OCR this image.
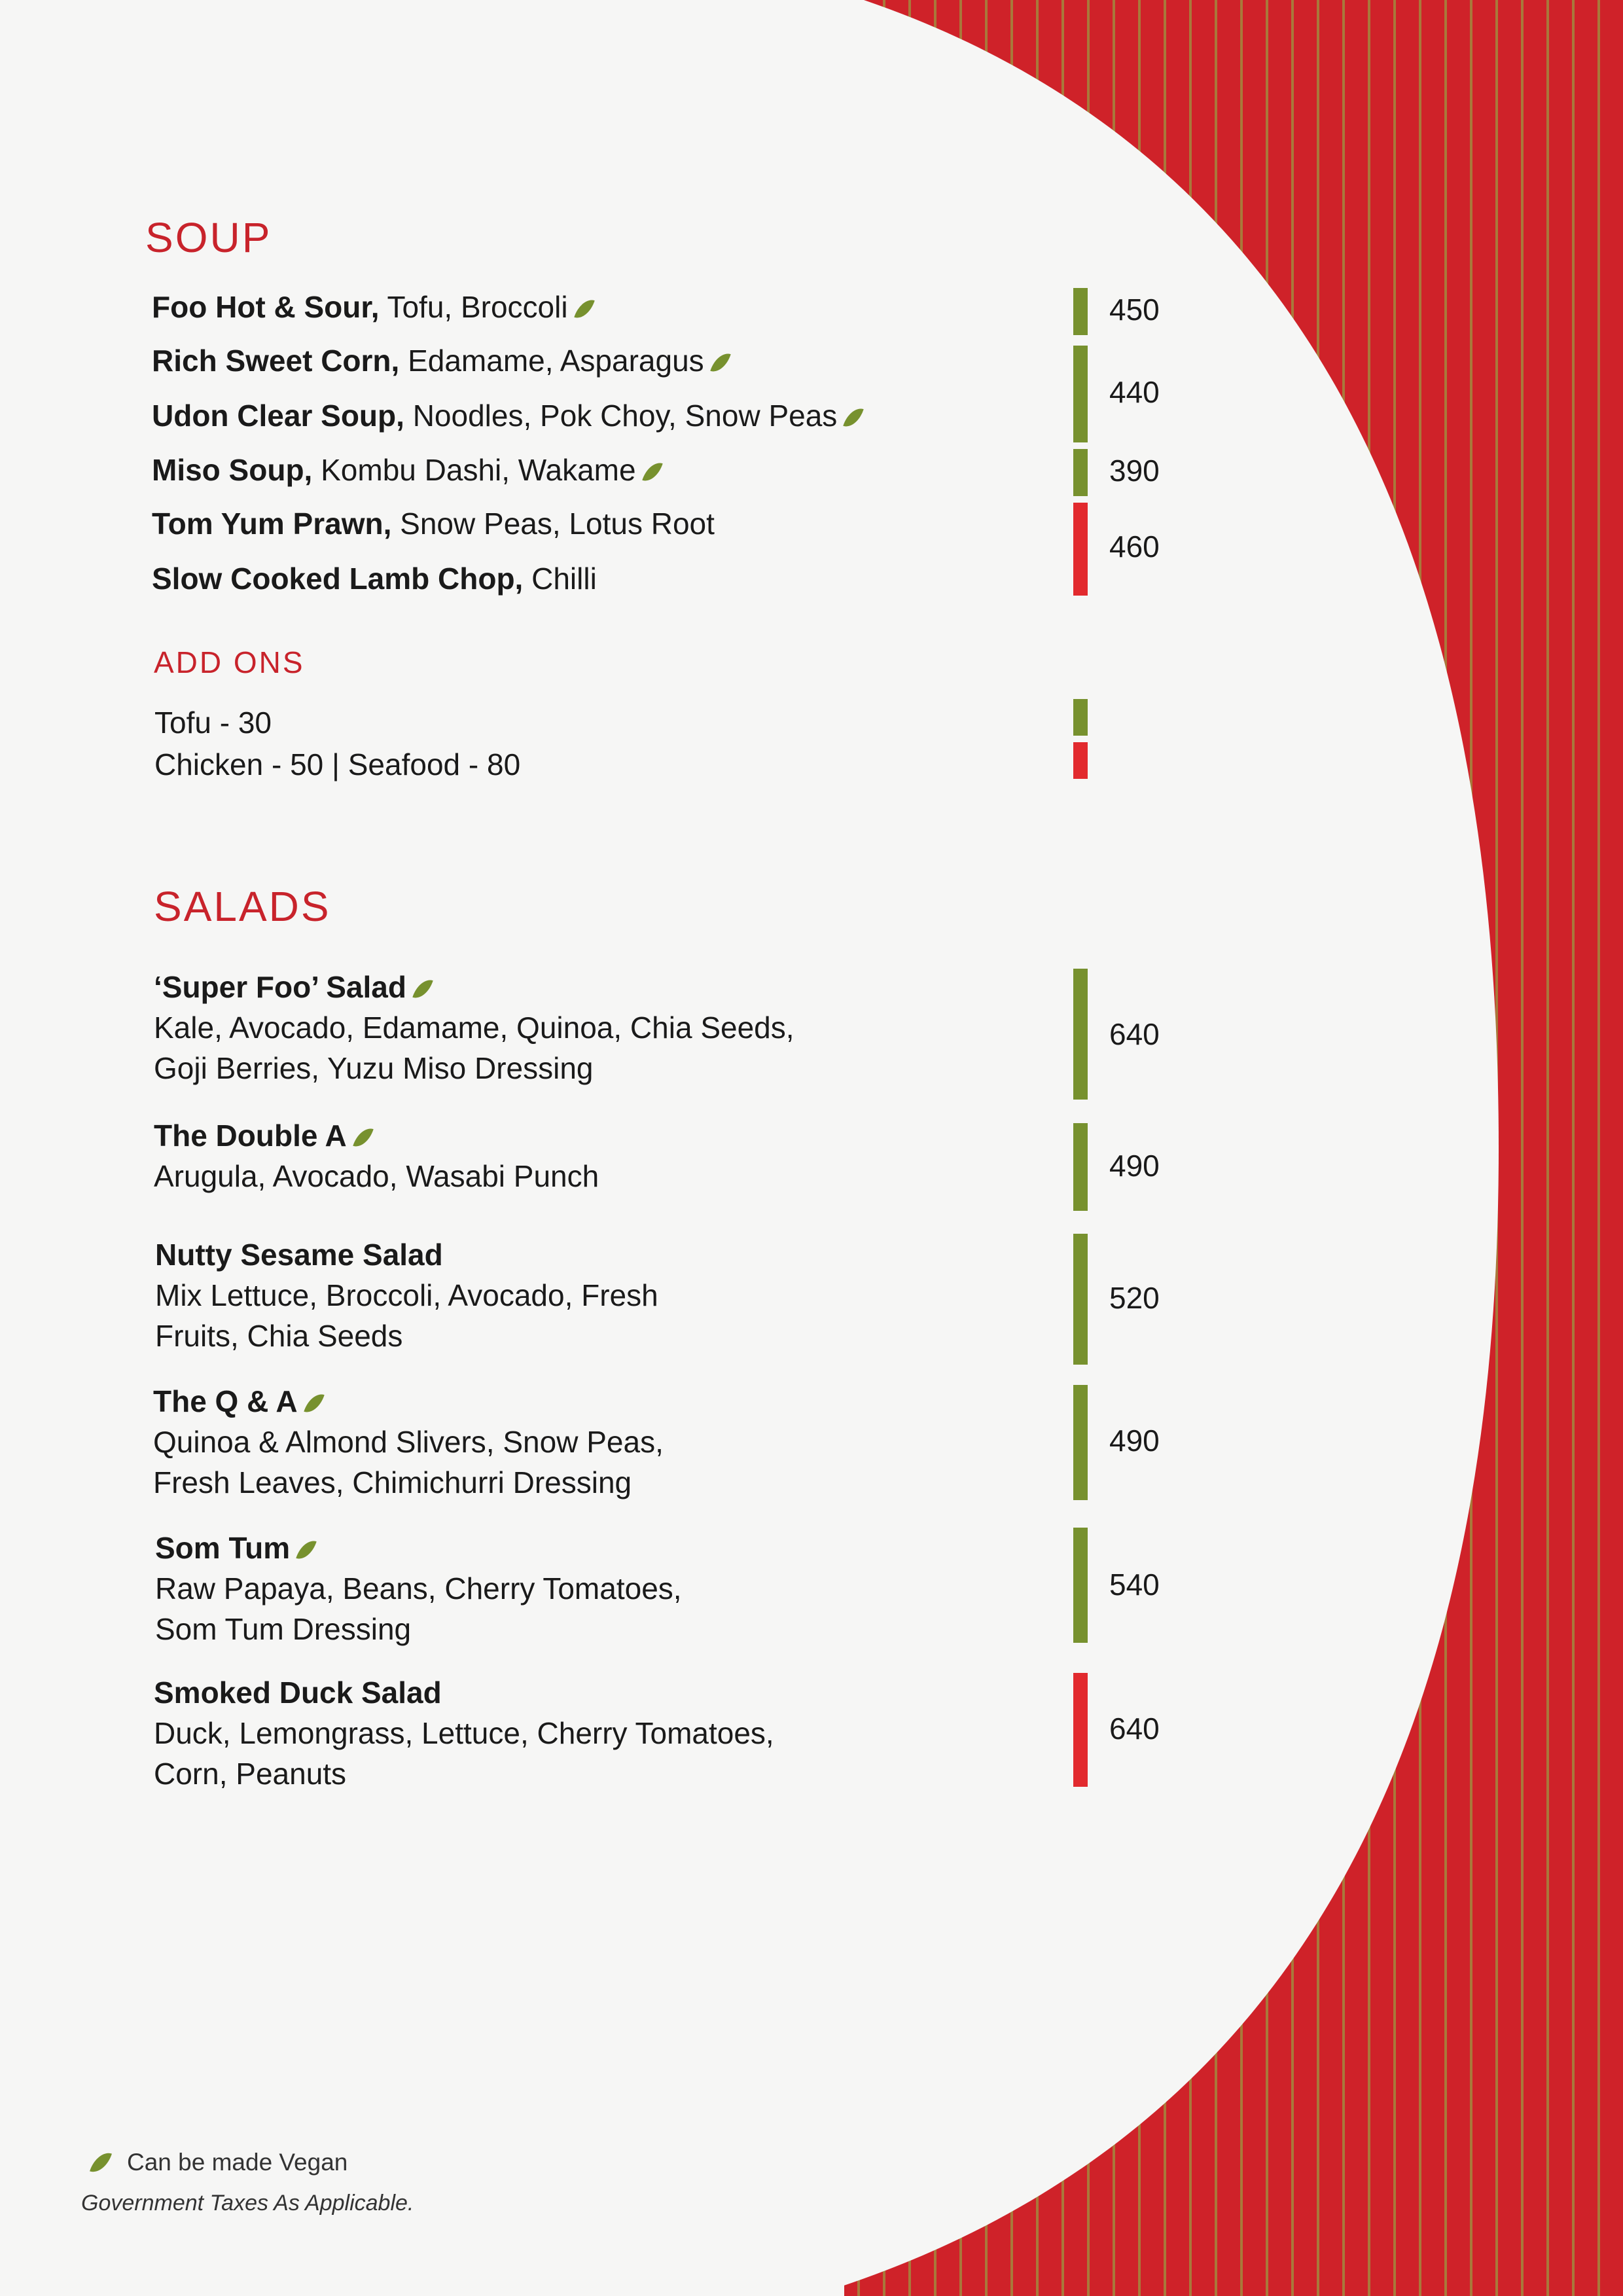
SOUP
Foo Hot & Sour, Tofu, Broccoli
Rich Sweet Corn, Edamame, Asparagus
Udon Clear Soup, Noodles, Pok Choy, Snow Peas
Miso Soup, Kombu Dashi, Wakame
Tom Yum Prawn, Snow Peas, Lotus Root
Slow Cooked Lamb Chop, Chilli
450
440
390
460
ADD ONS
Tofu - 30
Chicken - 50 | Seafood - 80
SALADS
‘Super Foo’ Salad
Kale, Avocado, Edamame, Quinoa, Chia Seeds,
Goji Berries, Yuzu Miso Dressing
The Double A
Arugula, Avocado, Wasabi Punch
Nutty Sesame Salad
Mix Lettuce, Broccoli, Avocado, Fresh
Fruits, Chia Seeds
The Q & A
Quinoa & Almond Slivers, Snow Peas,
Fresh Leaves, Chimichurri Dressing
Som Tum
Raw Papaya, Beans, Cherry Tomatoes,
Som Tum Dressing
Smoked Duck Salad
Duck, Lemongrass, Lettuce, Cherry Tomatoes,
Corn, Peanuts
640
490
520
490
540
640
Can be made Vegan
Government Taxes As Applicable.
